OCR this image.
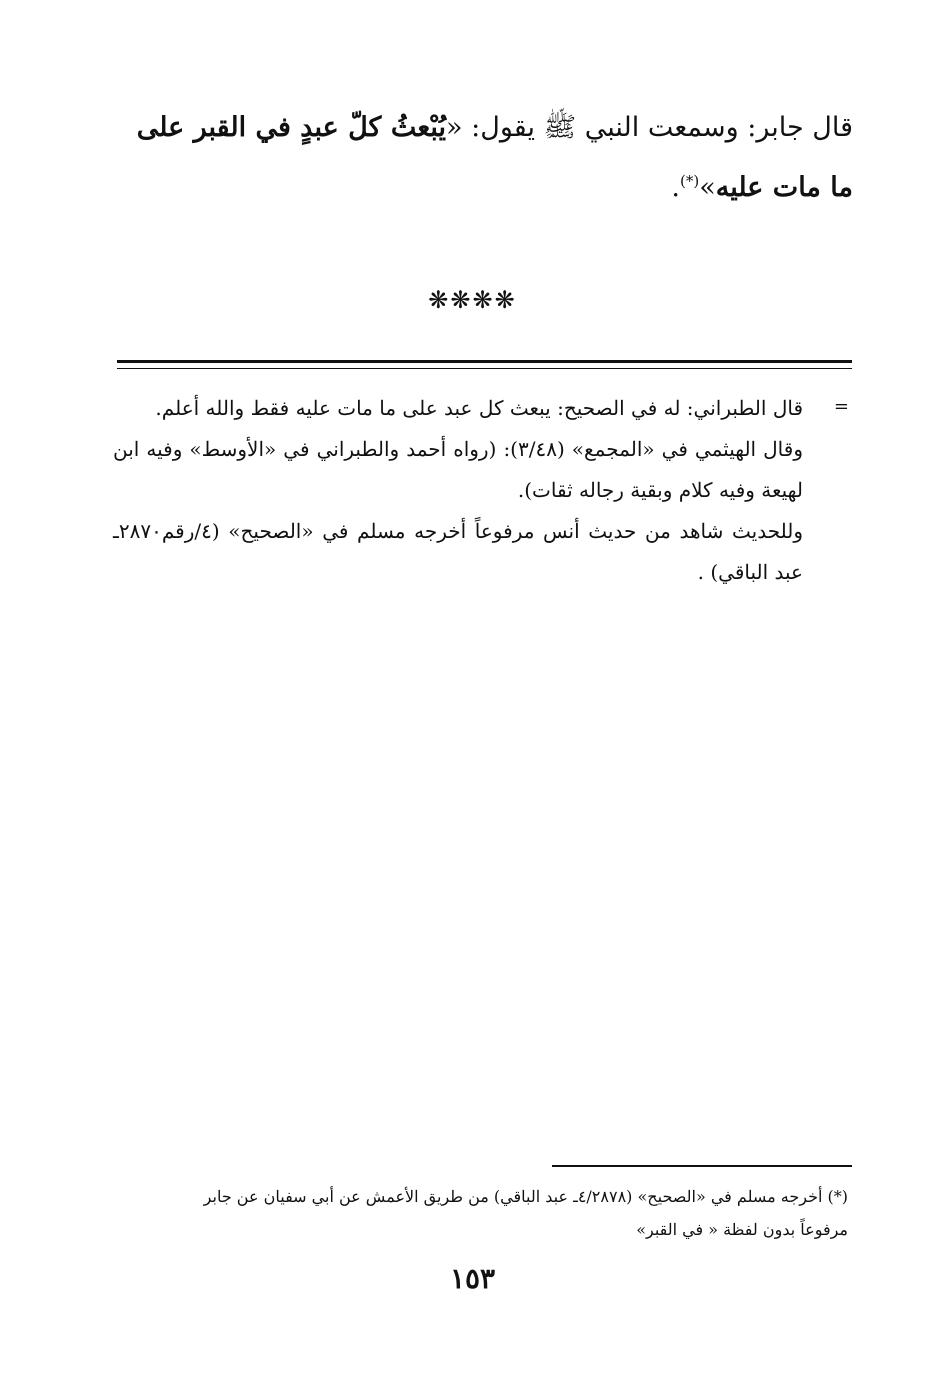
قال جابر: وسمعت النبي ﷺ يقول: «يُبْعثُ كلّ عبدٍ في القبر على ما مات عليه»(*).
❋❋❋❋
=

قال الطبراني: له في الصحيح: يبعث كل عبد على ما مات عليه فقط والله أعلم.

وقال الهيثمي في «المجمع» (٣/٤٨): (رواه أحمد والطبراني في «الأوسط» وفيه ابن لهيعة وفيه كلام وبقية رجاله ثقات).

وللحديث شاهد من حديث أنس مرفوعاً أخرجه مسلم في «الصحيح» (٤/رقم٢٨٧٠ـ عبد الباقي) .

(*) أخرجه مسلم في «الصحيح» (٤/٢٨٧٨ـ عبد الباقي) من طريق الأعمش عن أبي سفيان عن جابر

مرفوعاً بدون لفظة « في القبر»

١٥٣
